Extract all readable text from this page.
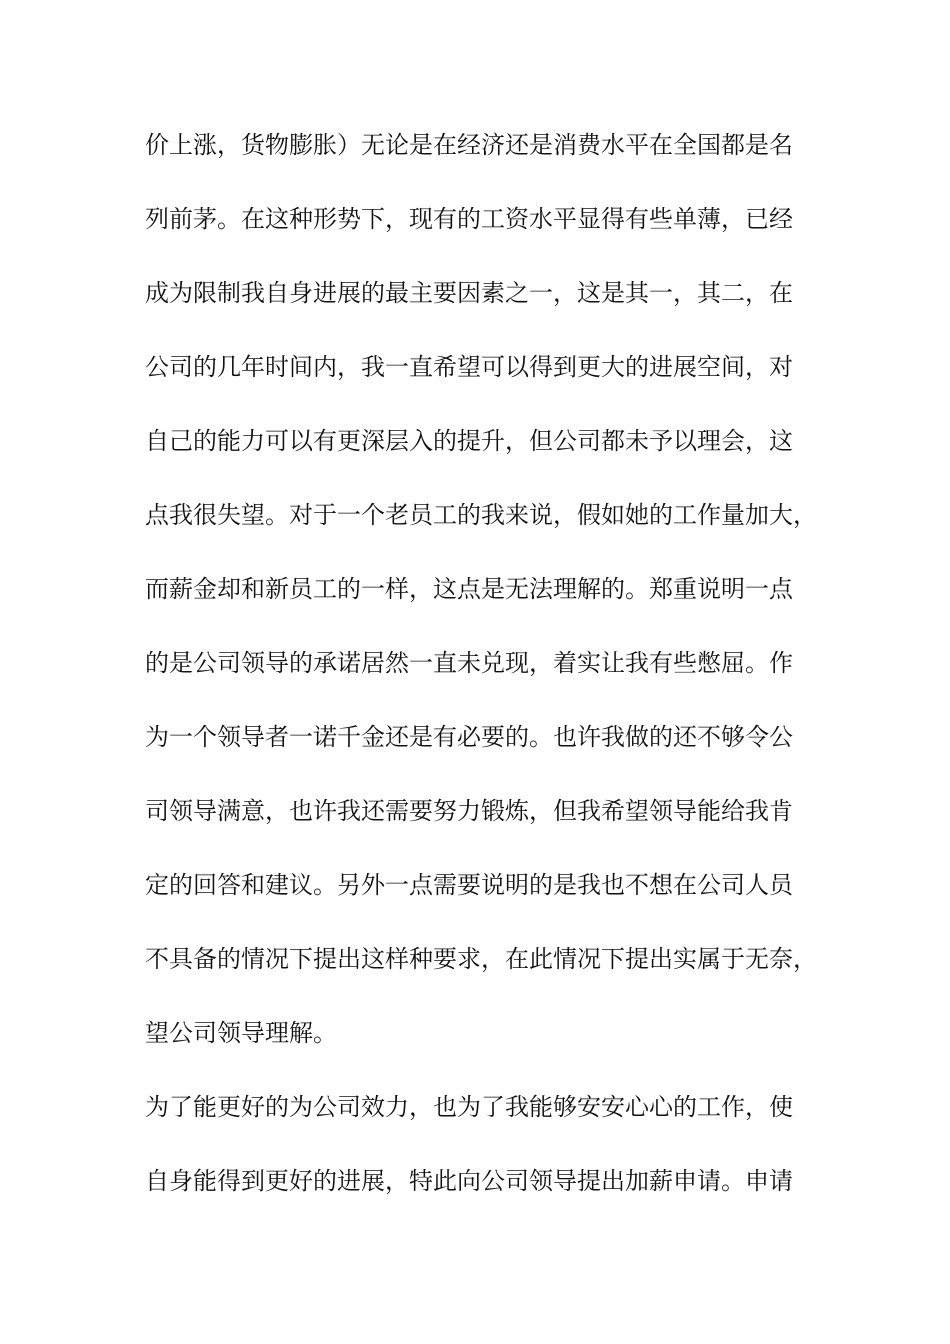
价上涨，货物膨胀）无论是在经济还是消费水平在全国都是名
列前茅。在这种形势下，现有的工资水平显得有些单薄，已经
成为限制我自身进展的最主要因素之一，这是其一，其二，在
公司的几年时间内，我一直希望可以得到更大的进展空间，对
自己的能力可以有更深层入的提升，但公司都未予以理会，这
点我很失望。对于一个老员工的我来说，假如她的工作量加大，
而薪金却和新员工的一样，这点是无法理解的。郑重说明一点
的是公司领导的承诺居然一直未兑现，着实让我有些憋屈。作
为一个领导者一诺千金还是有必要的。也许我做的还不够令公
司领导满意，也许我还需要努力锻炼，但我希望领导能给我肯
定的回答和建议。另外一点需要说明的是我也不想在公司人员
不具备的情况下提出这样种要求，在此情况下提出实属于无奈，
望公司领导理解。
为了能更好的为公司效力，也为了我能够安安心心的工作，使
自身能得到更好的进展，特此向公司领导提出加薪申请。申请
